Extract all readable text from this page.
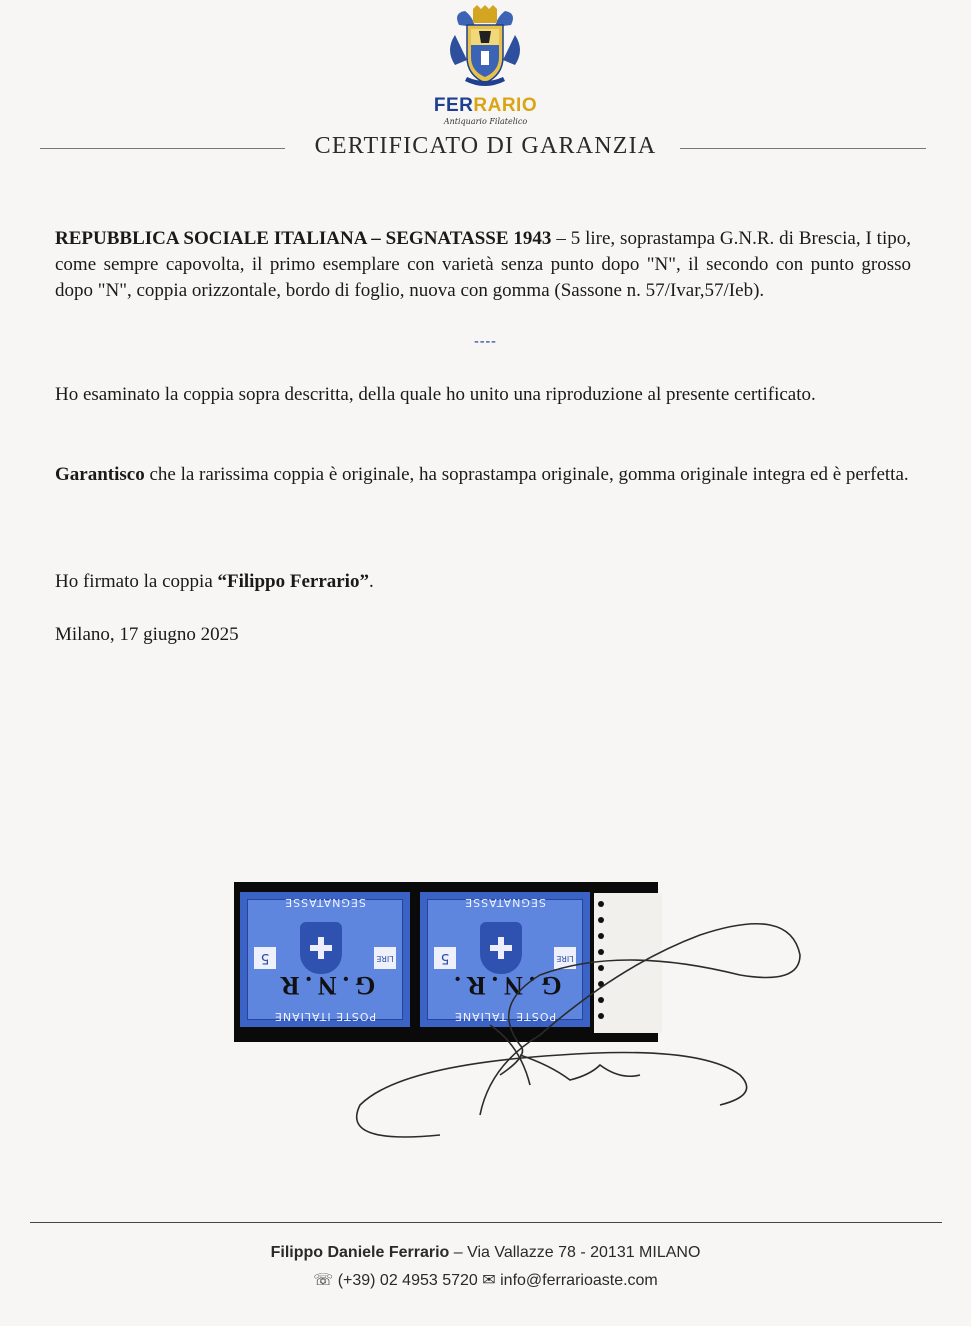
FERRARIO
Antiquario Filatelico
CERTIFICATO DI GARANZIA
REPUBBLICA SOCIALE ITALIANA – SEGNATASSE 1943 – 5 lire, soprastampa G.N.R. di Brescia, I tipo, come sempre capovolta, il primo esemplare con varietà senza punto dopo "N", il secondo con punto grosso dopo "N", coppia orizzontale, bordo di foglio, nuova con gomma (Sassone n. 57/Ivar,57/Ieb).
----
Ho esaminato la coppia sopra descritta, della quale ho unito una riproduzione al presente certificato.
Garantisco che la rarissima coppia è originale, ha soprastampa originale, gomma originale integra ed è perfetta.
Ho firmato la coppia “Filippo Ferrario”.
Milano, 17 giugno 2025
SEGNATASSE
5	LIRE
G.N.R
POSTE ITALIANE
SEGNATASSE
5	LIRE
G.N.R.
POSTE ITALIANE
Filippo Daniele Ferrario – Via Vallazze 78 - 20131 MILANO
☏ (+39) 02 4953 5720 ✉ info@ferrarioaste.com
